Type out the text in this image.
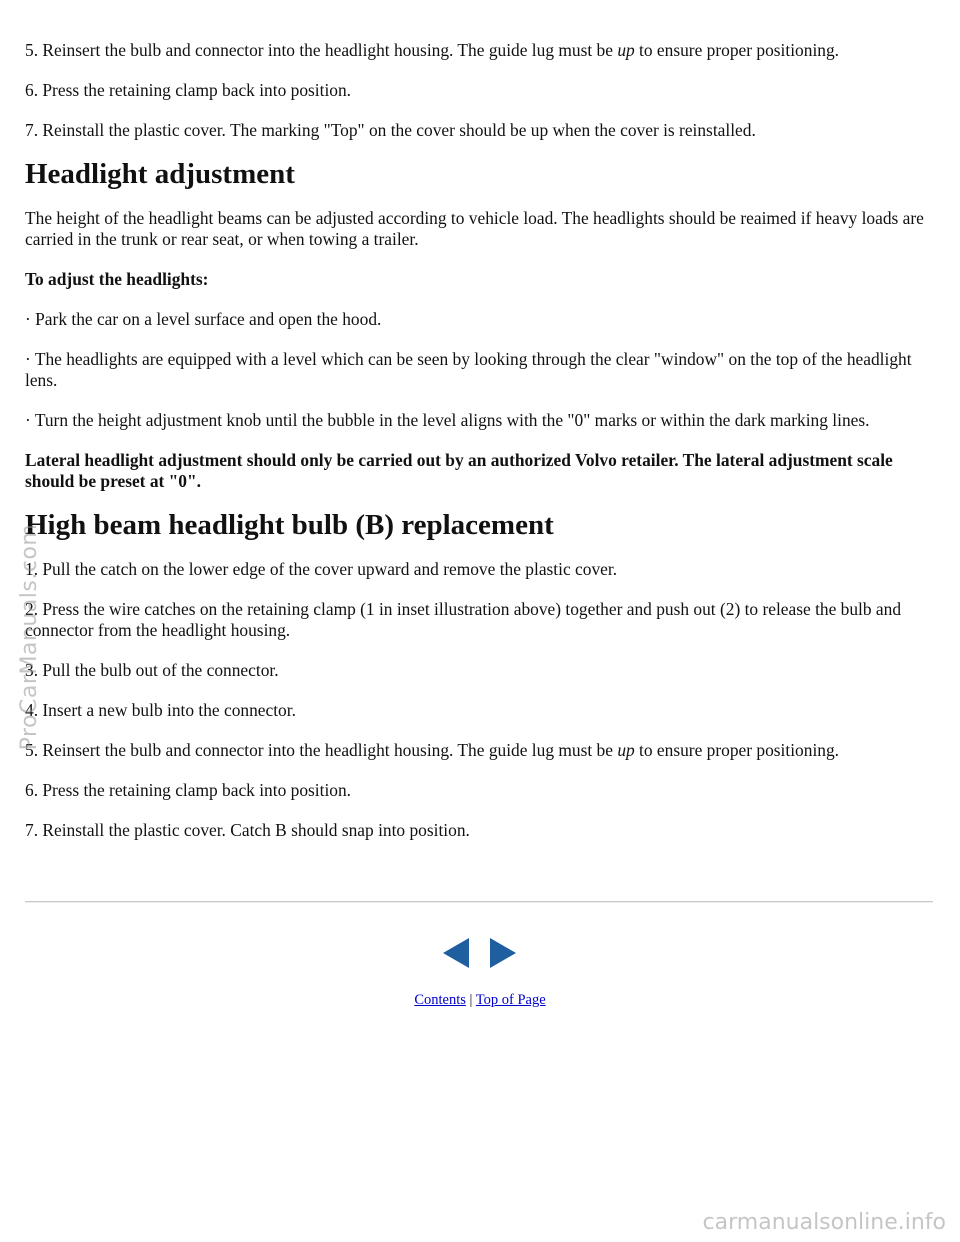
5. Reinsert the bulb and connector into the headlight housing. The guide lug must be up to ensure proper positioning.

6. Press the retaining clamp back into position.

7. Reinstall the plastic cover. The marking "Top" on the cover should be up when the cover is reinstalled.

Headlight adjustment

The height of the headlight beams can be adjusted according to vehicle load. The headlights should be reaimed if heavy loads are carried in the trunk or rear seat, or when towing a trailer.

To adjust the headlights:

· Park the car on a level surface and open the hood.

· The headlights are equipped with a level which can be seen by looking through the clear "window" on the top of the headlight lens.

· Turn the height adjustment knob until the bubble in the level aligns with the "0" marks or within the dark marking lines.

Lateral headlight adjustment should only be carried out by an authorized Volvo retailer. The lateral adjustment scale should be preset at "0".

High beam headlight bulb (B) replacement

1. Pull the catch on the lower edge of the cover upward and remove the plastic cover.

2. Press the wire catches on the retaining clamp (1 in inset illustration above) together and push out (2) to release the bulb and connector from the headlight housing.

3. Pull the bulb out of the connector.

4. Insert a new bulb into the connector.

5. Reinsert the bulb and connector into the headlight housing. The guide lug must be up to ensure proper positioning.

6. Press the retaining clamp back into position.

7. Reinstall the plastic cover. Catch B should snap into position.

Contents | Top of Page
ProCarManuals.com
carmanualsonline.info
